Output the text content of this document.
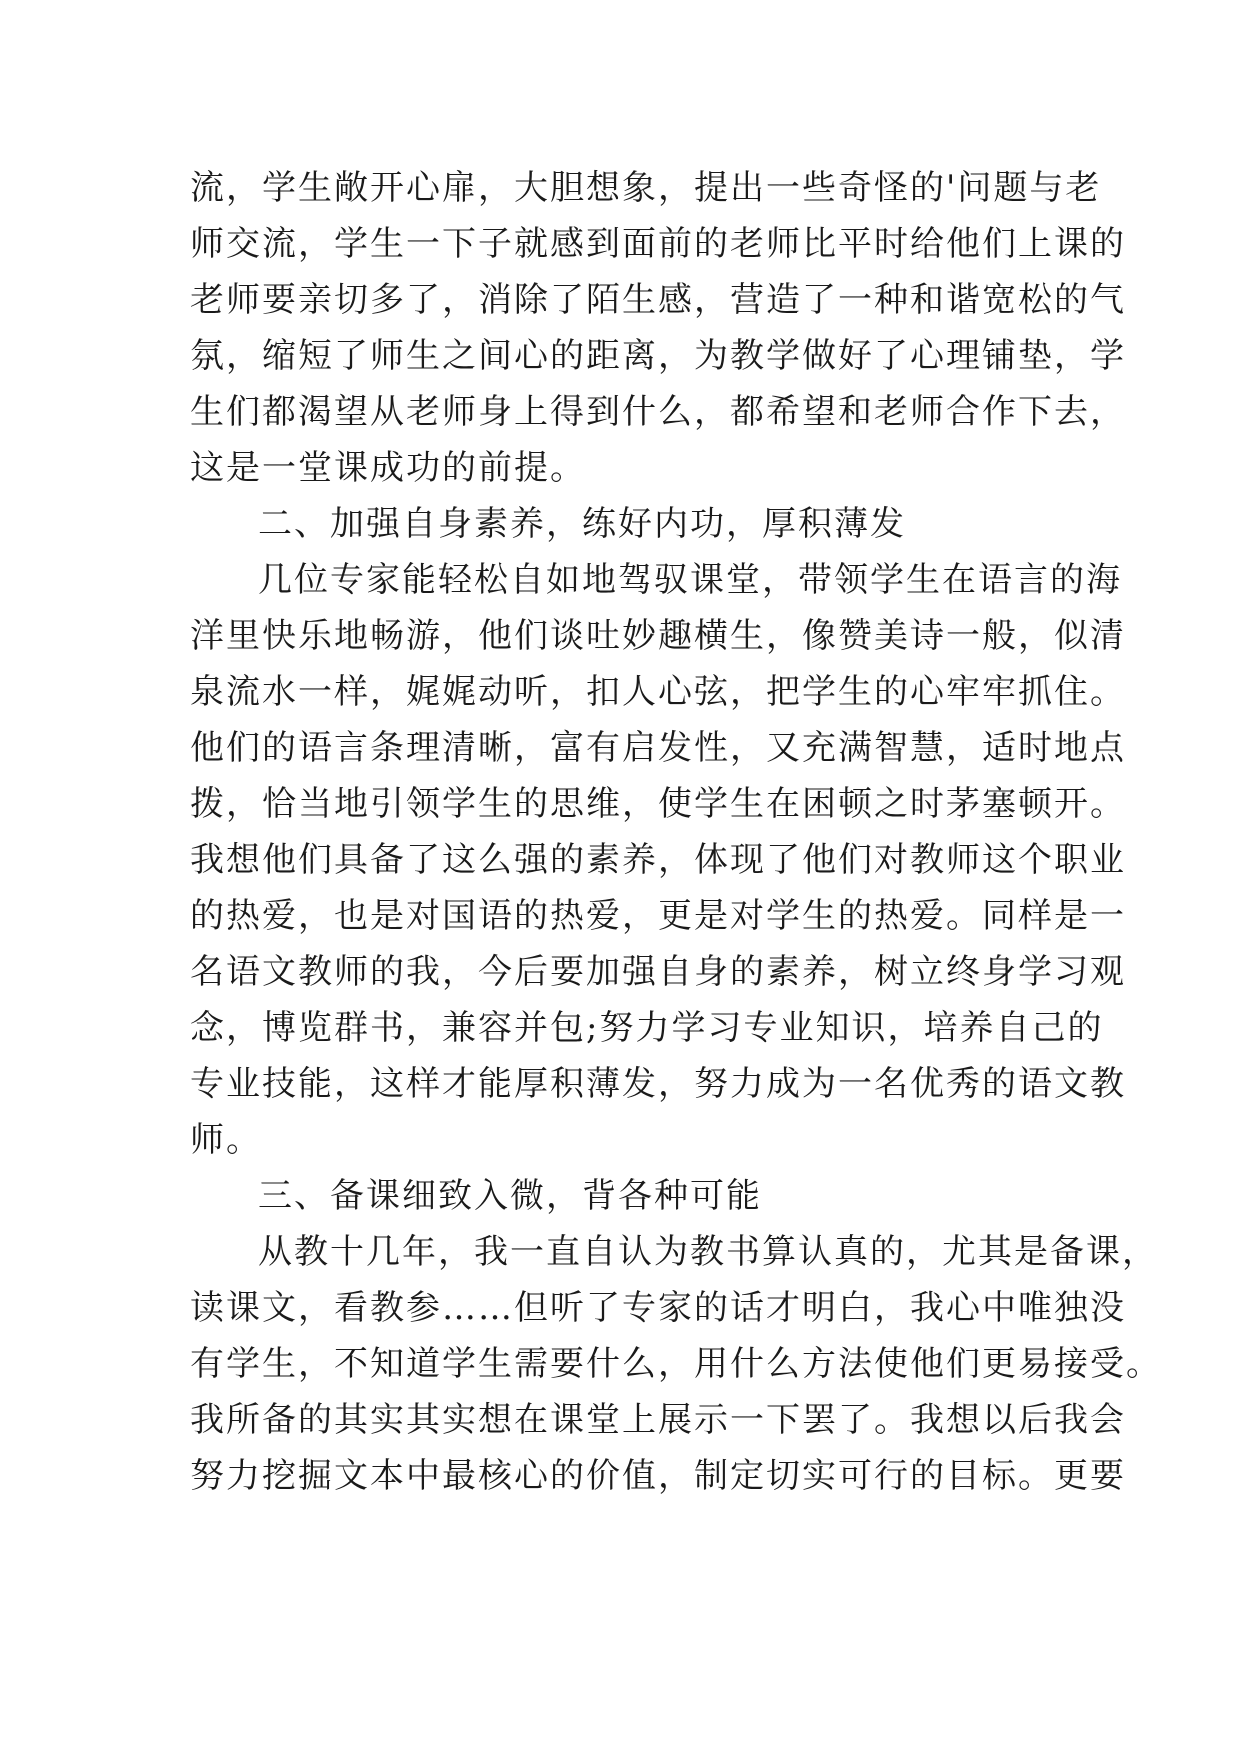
流，学生敞开心扉，大胆想象，提出一些奇怪的'问题与老
师交流，学生一下子就感到面前的老师比平时给他们上课的
老师要亲切多了，消除了陌生感，营造了一种和谐宽松的气
氛，缩短了师生之间心的距离，为教学做好了心理铺垫，学
生们都渴望从老师身上得到什么，都希望和老师合作下去，
这是一堂课成功的前提。
二、加强自身素养，练好内功，厚积薄发
几位专家能轻松自如地驾驭课堂，带领学生在语言的海
洋里快乐地畅游，他们谈吐妙趣横生，像赞美诗一般，似清
泉流水一样，娓娓动听，扣人心弦，把学生的心牢牢抓住。
他们的语言条理清晰，富有启发性，又充满智慧，适时地点
拨，恰当地引领学生的思维，使学生在困顿之时茅塞顿开。
我想他们具备了这么强的素养，体现了他们对教师这个职业
的热爱，也是对国语的热爱，更是对学生的热爱。同样是一
名语文教师的我，今后要加强自身的素养，树立终身学习观
念，博览群书，兼容并包;努力学习专业知识，培养自己的
专业技能，这样才能厚积薄发，努力成为一名优秀的语文教
师。
三、备课细致入微，背各种可能
从教十几年，我一直自认为教书算认真的，尤其是备课，
读课文，看教参……但听了专家的话才明白，我心中唯独没
有学生，不知道学生需要什么，用什么方法使他们更易接受。
我所备的其实其实想在课堂上展示一下罢了。我想以后我会
努力挖掘文本中最核心的价值，制定切实可行的目标。更要
